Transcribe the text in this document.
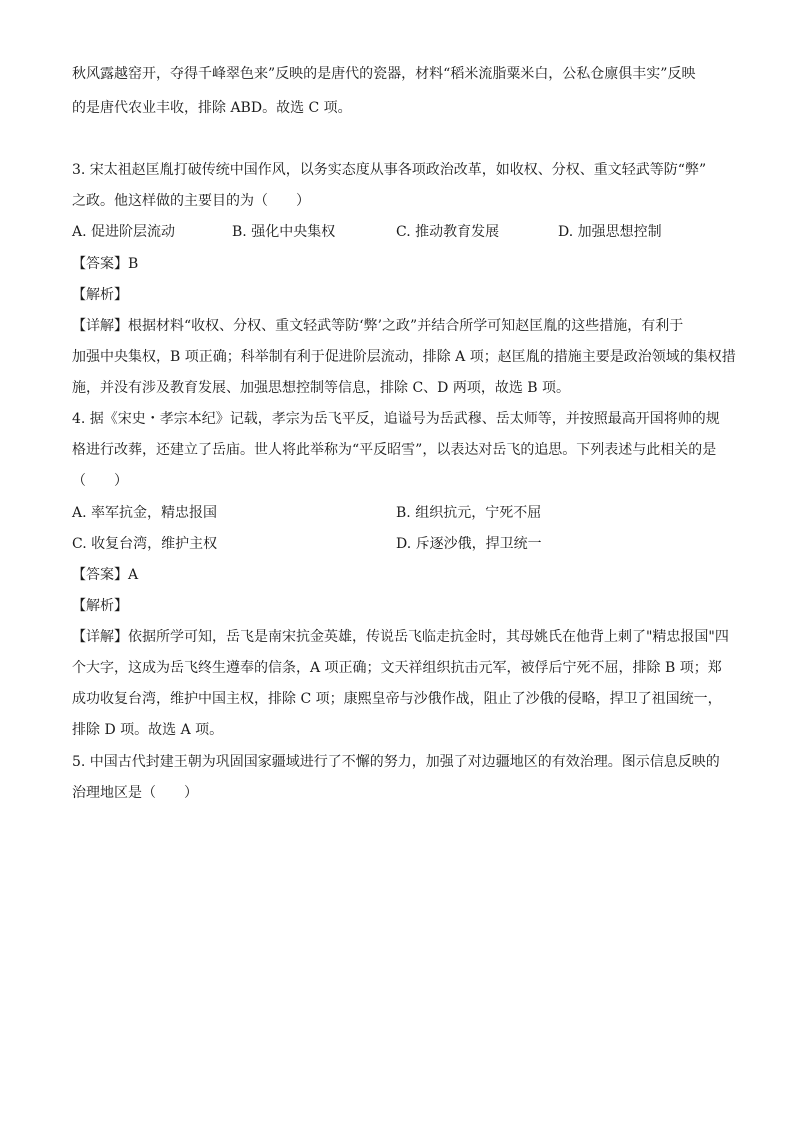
秋风露越窑开，夺得千峰翠色来”反映的是唐代的瓷器，材料“稻米流脂粟米白，公私仓廪俱丰实”反映
的是唐代农业丰收，排除 ABD。故选 C 项。
3. 宋太祖赵匡胤打破传统中国作风，以务实态度从事各项政治改革，如收权、分权、重文轻武等防“弊”
之政。他这样做的主要目的为（　　）
A. 促进阶层流动	B. 强化中央集权	C. 推动教育发展	D. 加强思想控制
【答案】B
【解析】
【详解】根据材料“收权、分权、重文轻武等防‘弊’之政”并结合所学可知赵匡胤的这些措施，有利于
加强中央集权，B 项正确；科举制有利于促进阶层流动，排除 A 项；赵匡胤的措施主要是政治领域的集权措
施，并没有涉及教育发展、加强思想控制等信息，排除 C、D 两项，故选 B 项。
4. 据《宋史・孝宗本纪》记载，孝宗为岳飞平反，追谥号为岳武穆、岳太师等，并按照最高开国将帅的规
格进行改葬，还建立了岳庙。世人将此举称为“平反昭雪”，以表达对岳飞的追思。下列表述与此相关的是
（　　）
A. 率军抗金，精忠报国	B. 组织抗元，宁死不屈
C. 收复台湾，维护主权	D. 斥逐沙俄，捍卫统一
【答案】A
【解析】
【详解】依据所学可知，岳飞是南宋抗金英雄，传说岳飞临走抗金时，其母姚氏在他背上刺了"精忠报国"四
个大字，这成为岳飞终生遵奉的信条，A 项正确；文天祥组织抗击元军，被俘后宁死不屈，排除 B 项；郑
成功收复台湾，维护中国主权，排除 C 项；康熙皇帝与沙俄作战，阻止了沙俄的侵略，捍卫了祖国统一，
排除 D 项。故选 A 项。
5. 中国古代封建王朝为巩固国家疆域进行了不懈的努力，加强了对边疆地区的有效治理。图示信息反映的
治理地区是（　　）
